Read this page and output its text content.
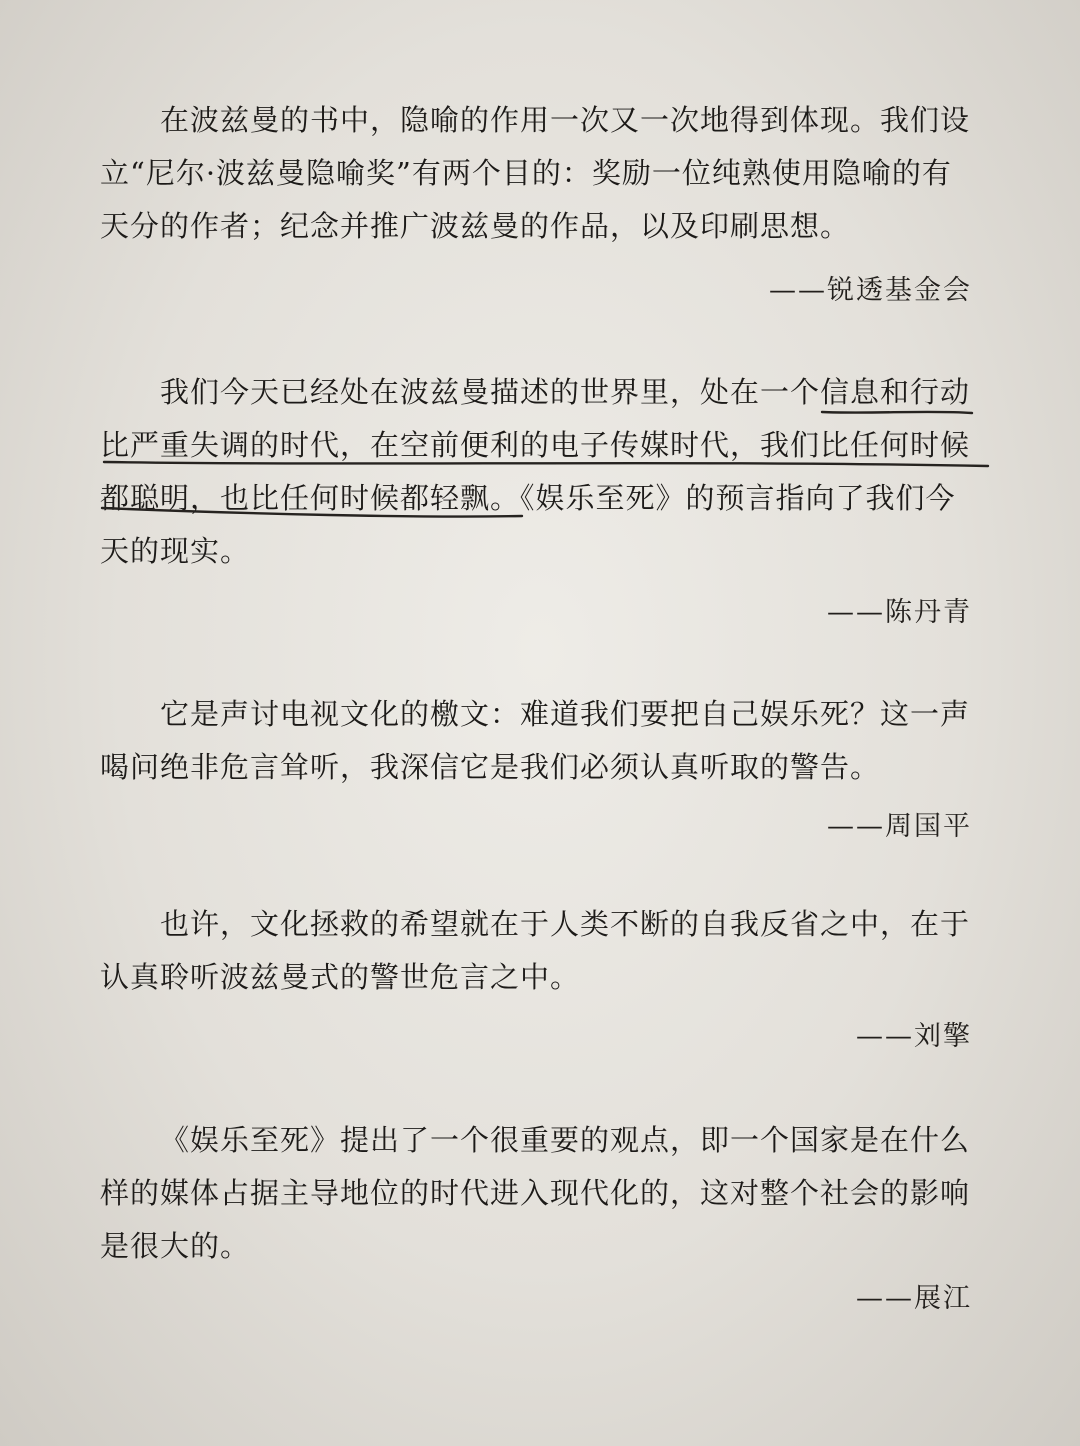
在波兹曼的书中，隐喻的作用一次又一次地得到体现。我们设立“尼尔·波兹曼隐喻奖”有两个目的：奖励一位纯熟使用隐喻的有天分的作者；纪念并推广波兹曼的作品，以及印刷思想。

——锐透基金会

我们今天已经处在波兹曼描述的世界里，处在一个信息和行动比严重失调的时代，在空前便利的电子传媒时代，我们比任何时候都聪明，也比任何时候都轻飘。《娱乐至死》的预言指向了我们今天的现实。

——陈丹青

它是声讨电视文化的檄文：难道我们要把自己娱乐死？这一声喝问绝非危言耸听，我深信它是我们必须认真听取的警告。

——周国平

也许，文化拯救的希望就在于人类不断的自我反省之中，在于认真聆听波兹曼式的警世危言之中。

——刘擎

《娱乐至死》提出了一个很重要的观点，即一个国家是在什么样的媒体占据主导地位的时代进入现代化的，这对整个社会的影响是很大的。

——展江
